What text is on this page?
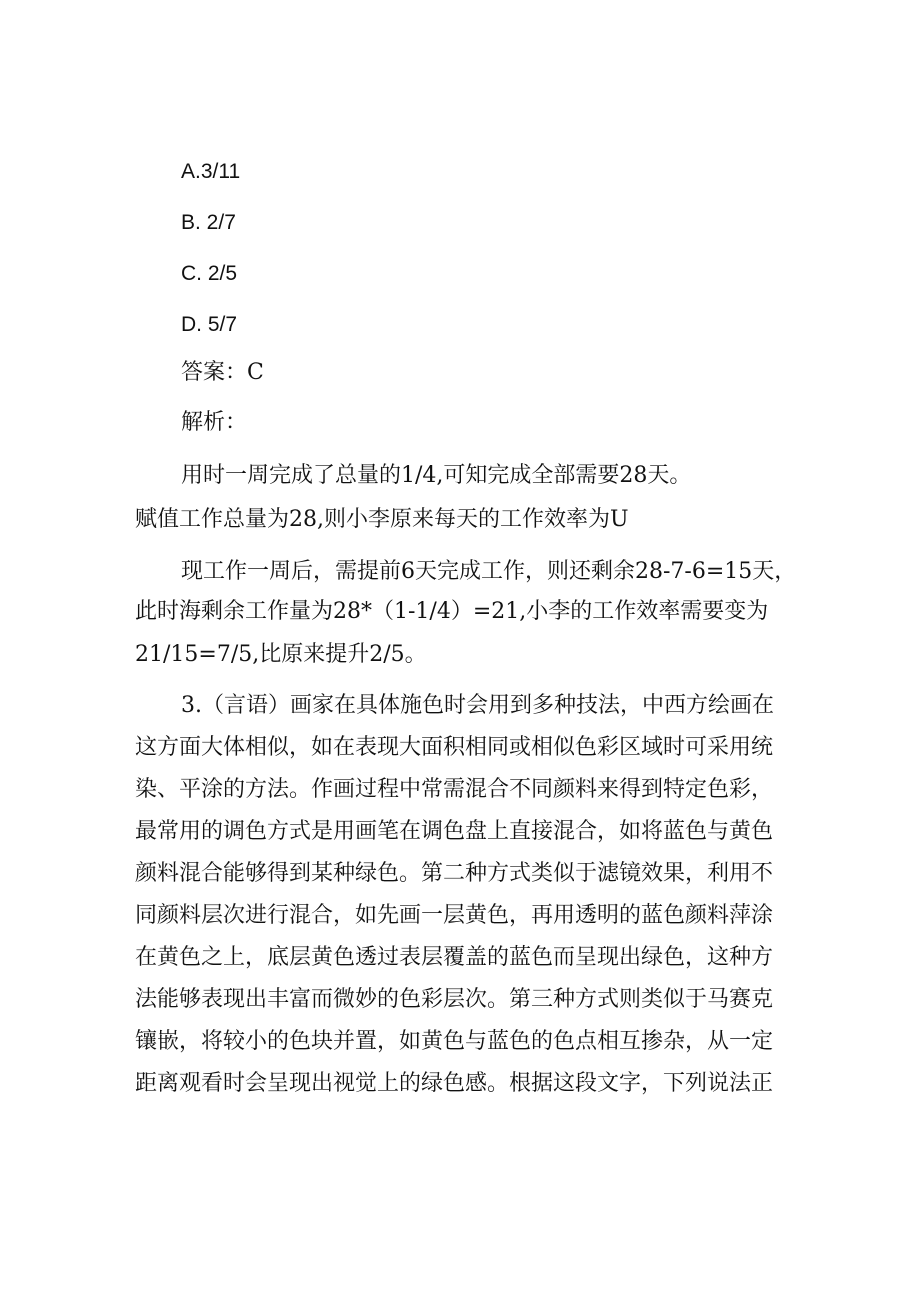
A.3/11
B. 2/7
C. 2/5
D. 5/7
答案：C
解析：
用时一周完成了总量的1/4,可知完成全部需要28天。
赋值工作总量为28,则小李原来每天的工作效率为U
现工作一周后，需提前6天完成工作，则还剩余28-7-6=15天，
此时海剩余工作量为28*（1-1/4）=21,小李的工作效率需要变为
21/15=7/5,比原来提升2/5。
3.（言语）画家在具体施色时会用到多种技法，中西方绘画在
这方面大体相似，如在表现大面积相同或相似色彩区域时可采用统
染、平涂的方法。作画过程中常需混合不同颜料来得到特定色彩，
最常用的调色方式是用画笔在调色盘上直接混合，如将蓝色与黄色
颜料混合能够得到某种绿色。第二种方式类似于滤镜效果，利用不
同颜料层次进行混合，如先画一层黄色，再用透明的蓝色颜料萍涂
在黄色之上，底层黄色透过表层覆盖的蓝色而呈现出绿色，这种方
法能够表现出丰富而微妙的色彩层次。第三种方式则类似于马赛克
镶嵌，将较小的色块并置，如黄色与蓝色的色点相互掺杂，从一定
距离观看时会呈现出视觉上的绿色感。根据这段文字，下列说法正
